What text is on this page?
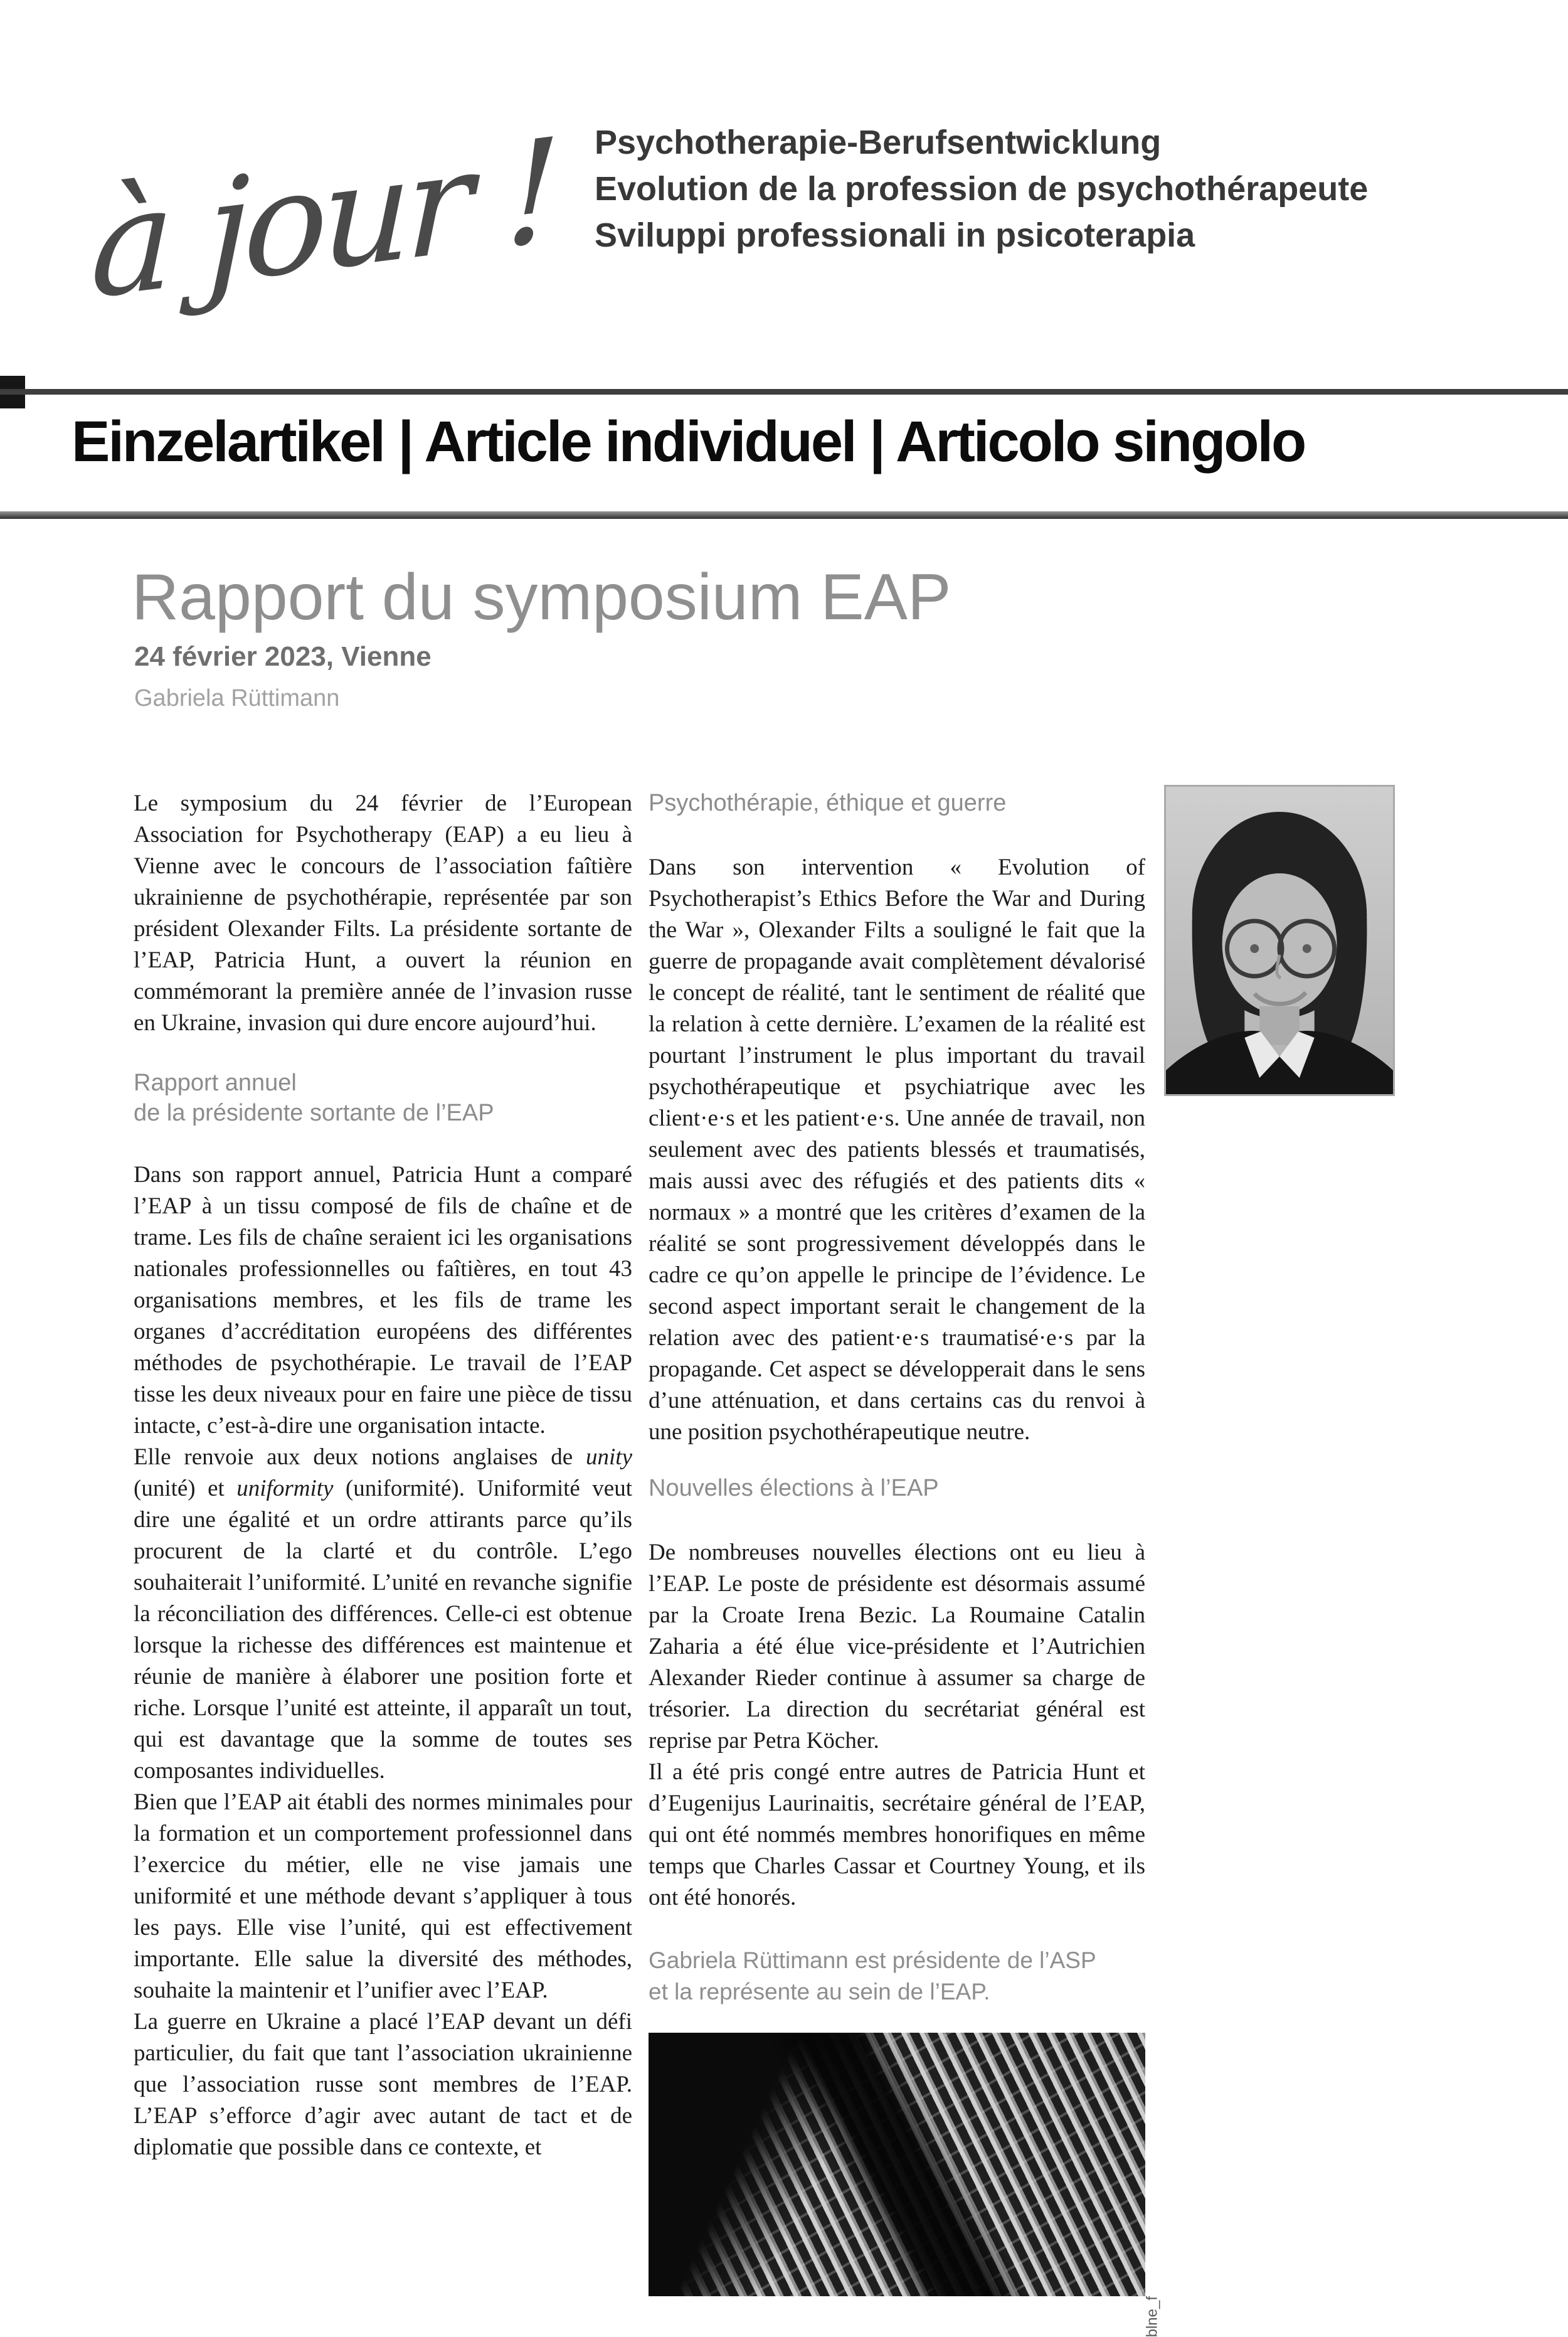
à jour ! Psychotherapie-Berufsentwicklung
Evolution de la profession de psychothérapeute
Sviluppi professionali in psicoterapia
Einzelartikel | Article individuel | Articolo singolo
Rapport du symposium EAP
24 février 2023, Vienne
Gabriela Rüttimann

Le symposium du 24 février de l’European Association for Psychotherapy (EAP) a eu lieu à Vienne avec le concours de l’association faîtière ukrainienne de psychothérapie, représentée par son président Olexander Filts. La présidente sortante de l’EAP, Patricia Hunt, a ouvert la réunion en commémorant la première année de l’invasion russe en Ukraine, invasion qui dure encore aujourd’hui.

Rapport annuel
de la présidente sortante de l’EAP

Dans son rapport annuel, Patricia Hunt a comparé l’EAP à un tissu composé de fils de chaîne et de trame. Les fils de chaîne seraient ici les organisations nationales professionnelles ou faîtières, en tout 43 organisations membres, et les fils de trame les organes d’accréditation européens des différentes méthodes de psychothérapie. Le travail de l’EAP tisse les deux niveaux pour en faire une pièce de tissu intacte, c’est-à-dire une organisation intacte.

Elle renvoie aux deux notions anglaises de unity (unité) et uniformity (uniformité). Uniformité veut dire une égalité et un ordre attirants parce qu’ils procurent de la clarté et du contrôle. L’ego souhaiterait l’uniformité. L’unité en revanche signifie la réconciliation des différences. Celle-ci est obtenue lorsque la richesse des différences est maintenue et réunie de manière à élaborer une position forte et riche. Lorsque l’unité est atteinte, il apparaît un tout, qui est davantage que la somme de toutes ses composantes individuelles.

Bien que l’EAP ait établi des normes minimales pour la formation et un comportement professionnel dans l’exercice du métier, elle ne vise jamais une uniformité et une méthode devant s’appliquer à tous les pays. Elle vise l’unité, qui est effectivement importante. Elle salue la diversité des méthodes, souhaite la maintenir et l’unifier avec l’EAP.

La guerre en Ukraine a placé l’EAP devant un défi particulier, du fait que tant l’association ukrainienne que l’association russe sont membres de l’EAP. L’EAP s’efforce d’agir avec autant de tact et de diplomatie que possible dans ce contexte, et

Psychothérapie, éthique et guerre

Dans son intervention « Evolution of Psychotherapist’s Ethics Before the War and During the War », Olexander Filts a souligné le fait que la guerre de propagande avait complètement dévalorisé le concept de réalité, tant le sentiment de réalité que la relation à cette dernière. L’examen de la réalité est pourtant l’instrument le plus important du travail psychothérapeutique et psychiatrique avec les client·e·s et les patient·e·s. Une année de travail, non seulement avec des patients blessés et traumatisés, mais aussi avec des réfugiés et des patients dits « normaux » a montré que les critères d’examen de la réalité se sont progressivement développés dans le cadre ce qu’on appelle le principe de l’évidence. Le second aspect important serait le changement de la relation avec des patient·e·s traumatisé·e·s par la propagande. Cet aspect se développerait dans le sens d’une atténuation, et dans certains cas du renvoi à une position psychothérapeutique neutre.

Nouvelles élections à l’EAP

De nombreuses nouvelles élections ont eu lieu à l’EAP. Le poste de présidente est désormais assumé par la Croate Irena Bezic. La Roumaine Catalin Zaharia a été élue vice-présidente et l’Autrichien Alexander Rieder continue à assumer sa charge de trésorier. La direction du secrétariat général est reprise par Petra Köcher.

Il a été pris congé entre autres de Patricia Hunt et d’Eugenijus Laurinaitis, secrétaire général de l’EAP, qui ont été nommés membres honorifiques en même temps que Charles Cassar et Courtney Young, et ils ont été honorés.

Gabriela Rüttimann est présidente de l’ASP
et la représente au sein de l’EAP.
blne_f
